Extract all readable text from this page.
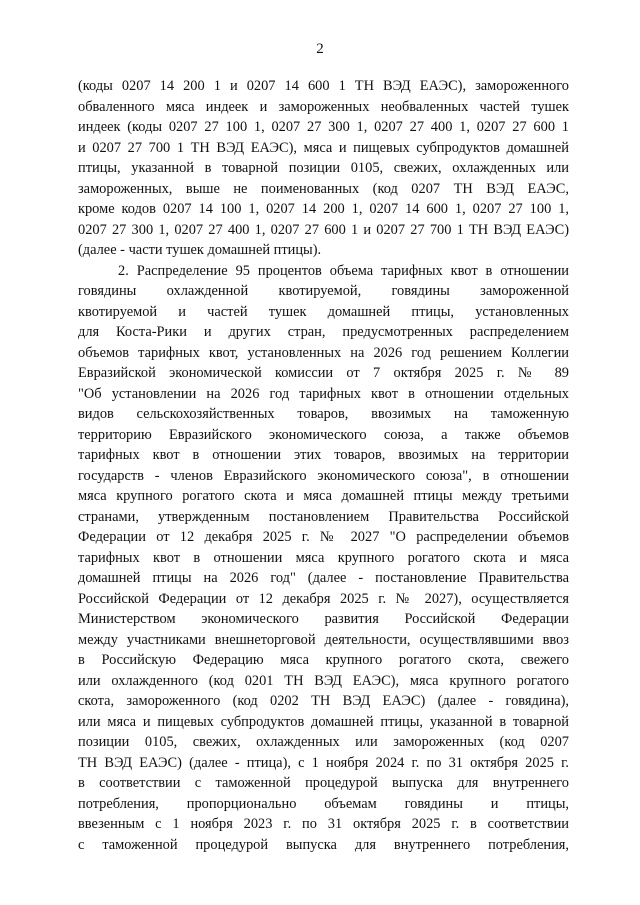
2
(коды 0207 14 200 1 и 0207 14 600 1 ТН ВЭД ЕАЭС), замороженного
обваленного мяса индеек и замороженных необваленных частей тушек
индеек (коды 0207 27 100 1, 0207 27 300 1, 0207 27 400 1, 0207 27 600 1
и 0207 27 700 1 ТН ВЭД ЕАЭС), мяса и пищевых субпродуктов домашней
птицы, указанной в товарной позиции 0105, свежих, охлажденных или
замороженных, выше не поименованных (код 0207 ТН ВЭД ЕАЭС,
кроме кодов 0207 14 100 1, 0207 14 200 1, 0207 14 600 1, 0207 27 100 1,
0207 27 300 1, 0207 27 400 1, 0207 27 600 1 и 0207 27 700 1 ТН ВЭД ЕАЭС)
(далее - части тушек домашней птицы).
2. Распределение 95 процентов объема тарифных квот в отношении
говядины охлажденной квотируемой, говядины замороженной
квотируемой и частей тушек домашней птицы, установленных
для Коста-Рики и других стран, предусмотренных распределением
объемов тарифных квот, установленных на 2026 год решением Коллегии
Евразийской экономической комиссии от 7 октября 2025 г. № 89
"Об установлении на 2026 год тарифных квот в отношении отдельных
видов сельскохозяйственных товаров, ввозимых на таможенную
территорию Евразийского экономического союза, а также объемов
тарифных квот в отношении этих товаров, ввозимых на территории
государств - членов Евразийского экономического союза", в отношении
мяса крупного рогатого скота и мяса домашней птицы между третьими
странами, утвержденным постановлением Правительства Российской
Федерации от 12 декабря 2025 г. № 2027 "О распределении объемов
тарифных квот в отношении мяса крупного рогатого скота и мяса
домашней птицы на 2026 год" (далее - постановление Правительства
Российской Федерации от 12 декабря 2025 г. № 2027), осуществляется
Министерством экономического развития Российской Федерации
между участниками внешнеторговой деятельности, осуществлявшими ввоз
в Российскую Федерацию мяса крупного рогатого скота, свежего
или охлажденного (код 0201 ТН ВЭД ЕАЭС), мяса крупного рогатого
скота, замороженного (код 0202 ТН ВЭД ЕАЭС) (далее - говядина),
или мяса и пищевых субпродуктов домашней птицы, указанной в товарной
позиции 0105, свежих, охлажденных или замороженных (код 0207
ТН ВЭД ЕАЭС) (далее - птица), с 1 ноября 2024 г. по 31 октября 2025 г.
в соответствии с таможенной процедурой выпуска для внутреннего
потребления, пропорционально объемам говядины и птицы,
ввезенным с 1 ноября 2023 г. по 31 октября 2025 г. в соответствии
с таможенной процедурой выпуска для внутреннего потребления,
